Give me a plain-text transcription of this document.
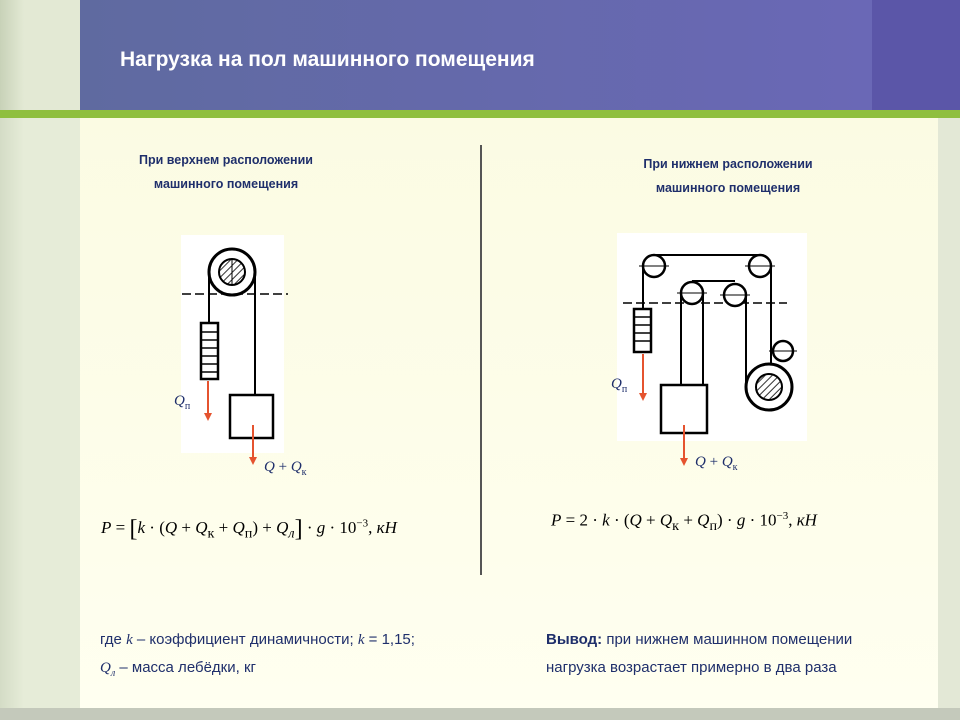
Нагрузка на пол машинного помещения
При верхнем расположении
машинного помещения
$Q_п$
$Q + Q_к$
$P = [k \cdot (Q + Q_к + Q_п) + Q_л] \cdot g \cdot 10^{-3}$, кН
где k – коэффициент динамичности; k = 1,15;
$Q_л$ – масса лебёдки, кг
При нижнем расположении
машинного помещения
$Q_п$
$Q + Q_к$
$P = 2 \cdot k \cdot (Q + Q_к + Q_п) \cdot g \cdot 10^{-3}$, кН
Вывод: при нижнем машинном помещении
нагрузка возрастает примерно в два раза
